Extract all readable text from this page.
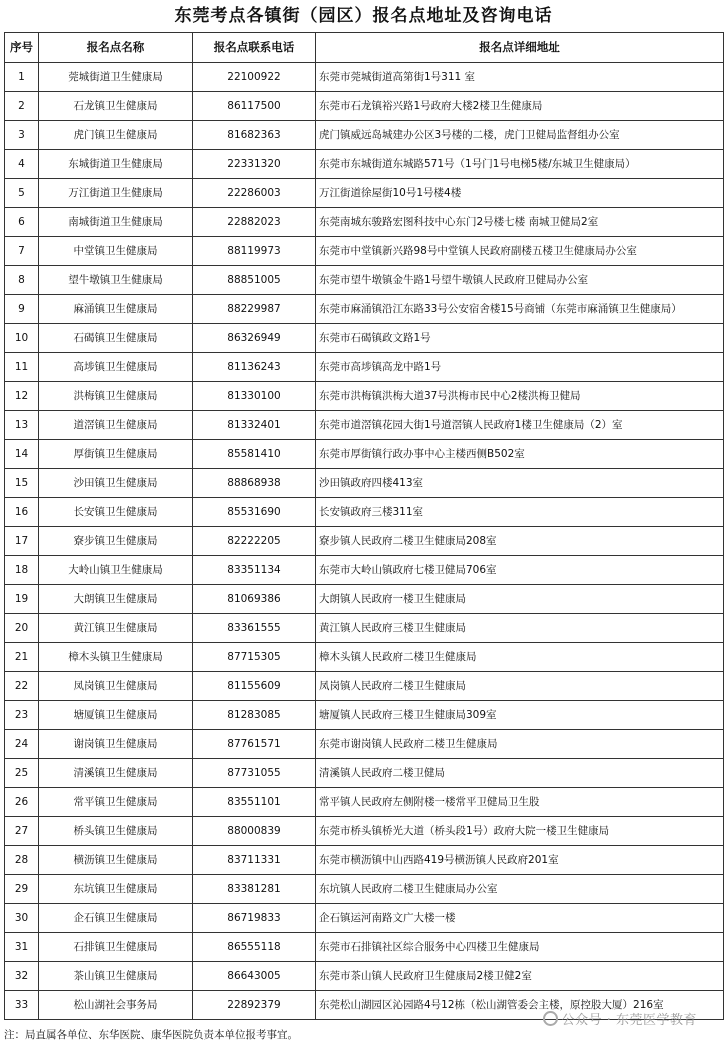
东莞考点各镇街（园区）报名点地址及咨询电话
序号	报名点名称	报名点联系电话	报名点详细地址
1	莞城街道卫生健康局	22100922	东莞市莞城街道高第街1号311 室
2	石龙镇卫生健康局	86117500	东莞市石龙镇裕兴路1号政府大楼2楼卫生健康局
3	虎门镇卫生健康局	81682363	虎门镇威远岛城建办公区3号楼的二楼，虎门卫健局监督组办公室
4	东城街道卫生健康局	22331320	东莞市东城街道东城路571号（1号门1号电梯5楼/东城卫生健康局）
5	万江街道卫生健康局	22286003	万江街道徐屋街10号1号楼4楼
6	南城街道卫生健康局	22882023	东莞南城东骏路宏图科技中心东门2号楼七楼 南城卫健局2室
7	中堂镇卫生健康局	88119973	东莞市中堂镇新兴路98号中堂镇人民政府副楼五楼卫生健康局办公室
8	望牛墩镇卫生健康局	88851005	东莞市望牛墩镇金牛路1号望牛墩镇人民政府卫健局办公室
9	麻涌镇卫生健康局	88229987	东莞市麻涌镇沿江东路33号公安宿舍楼15号商铺（东莞市麻涌镇卫生健康局）
10	石碣镇卫生健康局	86326949	东莞市石碣镇政文路1号
11	高埗镇卫生健康局	81136243	东莞市高埗镇高龙中路1号
12	洪梅镇卫生健康局	81330100	东莞市洪梅镇洪梅大道37号洪梅市民中心2楼洪梅卫健局
13	道滘镇卫生健康局	81332401	东莞市道滘镇花园大街1号道滘镇人民政府1楼卫生健康局（2）室
14	厚街镇卫生健康局	85581410	东莞市厚街镇行政办事中心主楼西侧B502室
15	沙田镇卫生健康局	88868938	沙田镇政府四楼413室
16	长安镇卫生健康局	85531690	长安镇政府三楼311室
17	寮步镇卫生健康局	82222205	寮步镇人民政府二楼卫生健康局208室
18	大岭山镇卫生健康局	83351134	东莞市大岭山镇政府七楼卫健局706室
19	大朗镇卫生健康局	81069386	大朗镇人民政府一楼卫生健康局
20	黄江镇卫生健康局	83361555	黄江镇人民政府三楼卫生健康局
21	樟木头镇卫生健康局	87715305	樟木头镇人民政府二楼卫生健康局
22	凤岗镇卫生健康局	81155609	凤岗镇人民政府二楼卫生健康局
23	塘厦镇卫生健康局	81283085	塘厦镇人民政府三楼卫生健康局309室
24	谢岗镇卫生健康局	87761571	东莞市谢岗镇人民政府二楼卫生健康局
25	清溪镇卫生健康局	87731055	清溪镇人民政府二楼卫健局
26	常平镇卫生健康局	83551101	常平镇人民政府左侧附楼一楼常平卫健局卫生股
27	桥头镇卫生健康局	88000839	东莞市桥头镇桥光大道（桥头段1号）政府大院一楼卫生健康局
28	横沥镇卫生健康局	83711331	东莞市横沥镇中山西路419号横沥镇人民政府201室
29	东坑镇卫生健康局	83381281	东坑镇人民政府二楼卫生健康局办公室
30	企石镇卫生健康局	86719833	企石镇运河南路文广大楼一楼
31	石排镇卫生健康局	86555118	东莞市石排镇社区综合服务中心四楼卫生健康局
32	茶山镇卫生健康局	86643005	东莞市茶山镇人民政府卫生健康局2楼卫健2室
33	松山湖社会事务局	22892379	东莞松山湖园区沁园路4号12栋（松山湖管委会主楼，原控股大厦）216室
公众号 · 东莞医学教育
注：局直属各单位、东华医院、康华医院负责本单位报考事宜。
